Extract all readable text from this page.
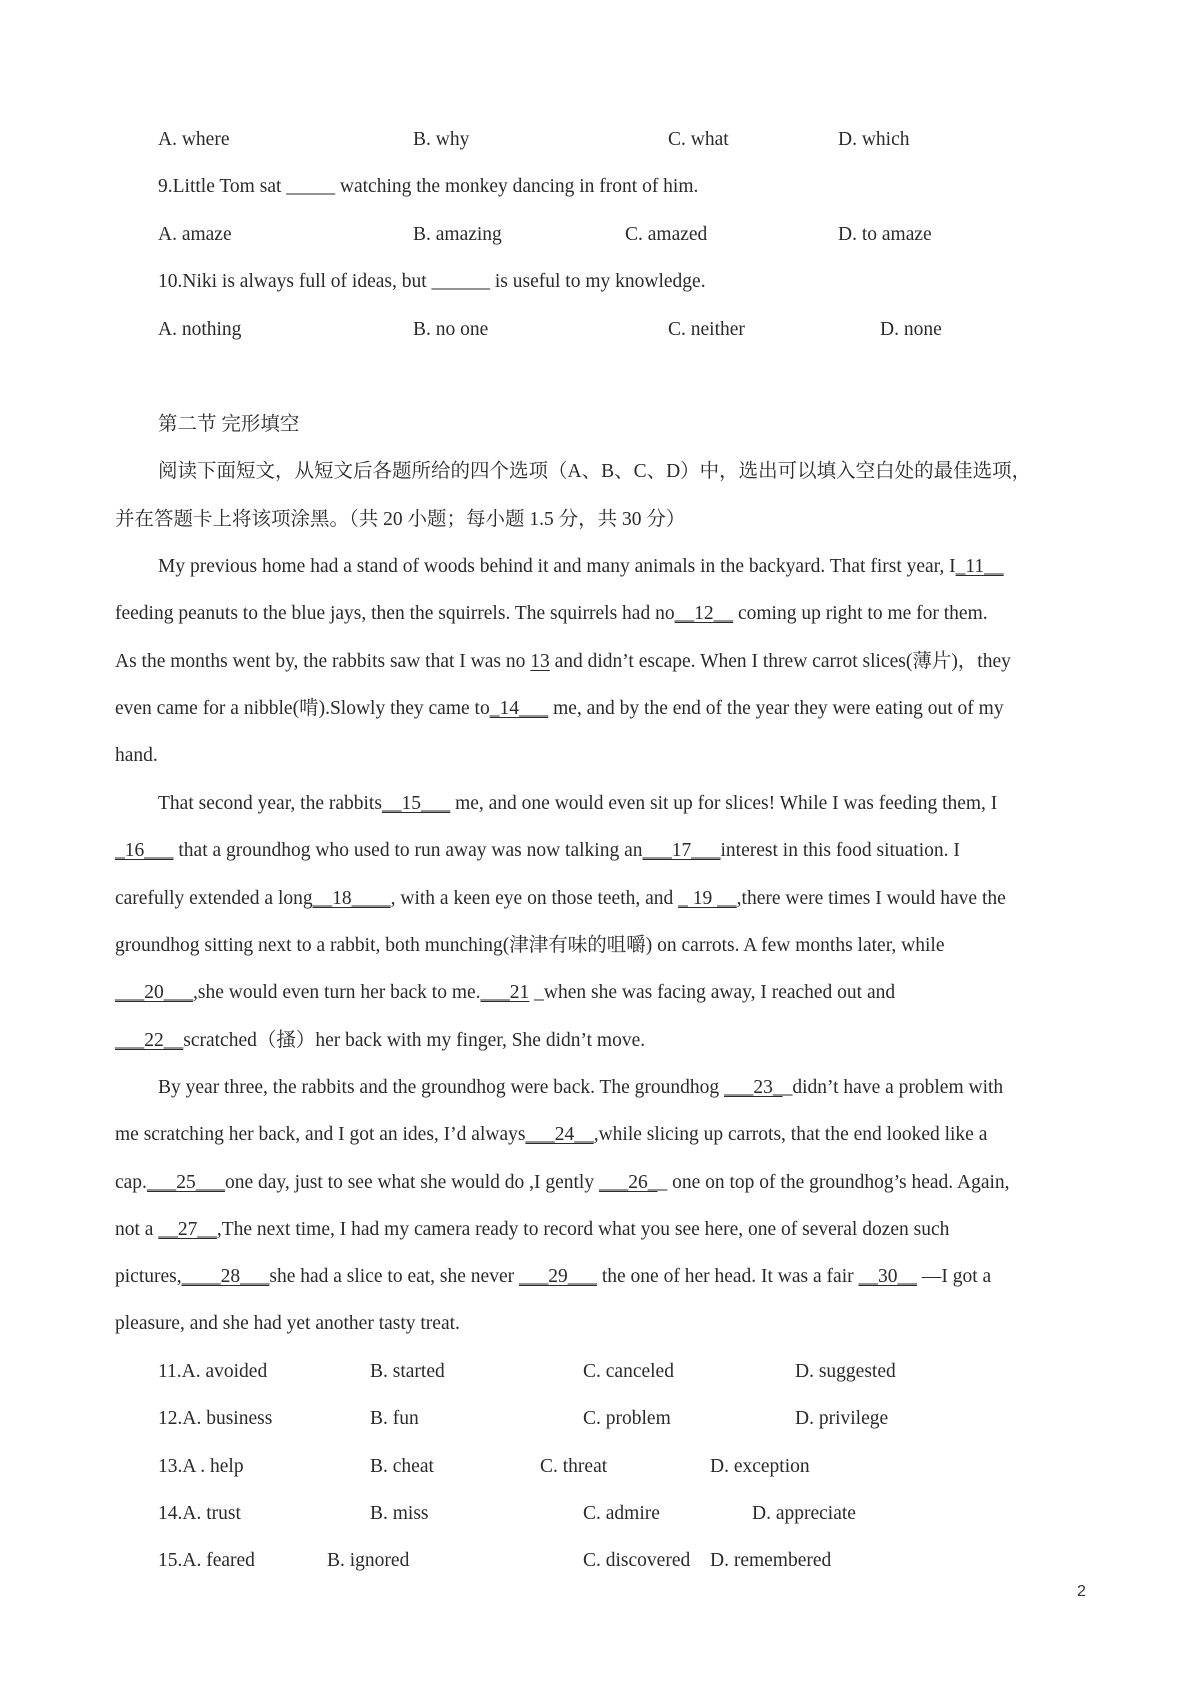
A. where	B. why	C. what	D. which
9.Little Tom sat _____ watching the monkey dancing in front of him.
A. amaze	B. amazing	C. amazed	D. to amaze
10.Niki is always full of ideas, but ______ is useful to my knowledge.
A. nothing	B. no one	C. neither	D. none
第二节 完形填空
阅读下面短文，从短文后各题所给的四个选项（A、B、C、D）中，选出可以填入空白处的最佳选项，
并在答题卡上将该项涂黑。（共 20 小题；每小题 1.5 分，共 30 分）
My previous home had a stand of woods behind it and many animals in the backyard. That first year, I_11__
feeding peanuts to the blue jays, then the squirrels. The squirrels had no__12__ coming up right to me for them.
As the months went by, the rabbits saw that I was no 13 and didn’t escape. When I threw carrot slices(薄片)，they
even came for a nibble(啃).Slowly they came to_14___ me, and by the end of the year they were eating out of my
hand.
That second year, the rabbits__15___ me, and one would even sit up for slices! While I was feeding them, I
_16___ that a groundhog who used to run away was now talking an___17___interest in this food situation. I
carefully extended a long__18____, with a keen eye on those teeth, and _ 19 __,there were times I would have the
groundhog sitting next to a rabbit, both munching(津津有味的咀嚼) on carrots. A few months later, while
___20___,she would even turn her back to me.___21 _when she was facing away, I reached out and
___22__scratched（搔）her back with my finger, She didn’t move.
By year three, the rabbits and the groundhog were back. The groundhog ___23__didn’t have a problem with
me scratching her back, and I got an ides, I’d always___24__,while slicing up carrots, that the end looked like a
cap.___25___one day, just to see what she would do ,I gently ___26__ one on top of the groundhog’s head. Again,
not a __27__,The next time, I had my camera ready to record what you see here, one of several dozen such
pictures,____28___she had a slice to eat, she never ___29___ the one of her head. It was a fair __30__ —I got a
pleasure, and she had yet another tasty treat.
11.A. avoided	B. started	C. canceled	D. suggested
12.A. business	B. fun	C. problem	D. privilege
13.A . help	B. cheat	C. threat	D. exception
14.A. trust	B. miss	C. admire	D. appreciate
15.A. feared	B. ignored	C. discovered D. remembered
2
